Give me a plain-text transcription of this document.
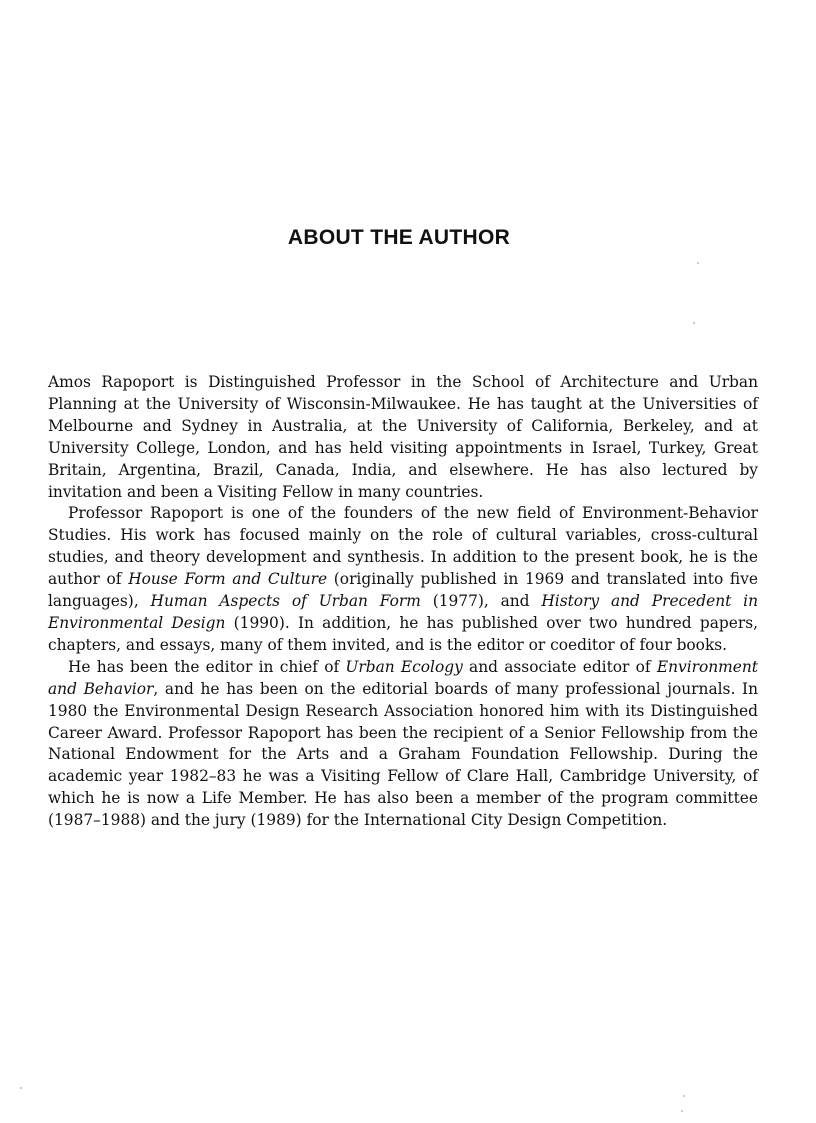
ABOUT THE AUTHOR

Amos Rapoport is Distinguished Professor in the School of Architecture and Urban Planning at the University of Wisconsin-Milwaukee. He has taught at the Universities of Melbourne and Sydney in Australia, at the University of California, Berkeley, and at University College, London, and has held visiting appointments in Israel, Turkey, Great Britain, Argentina, Brazil, Canada, India, and elsewhere. He has also lectured by invitation and been a Visiting Fellow in many countries.

Professor Rapoport is one of the founders of the new field of Environment-Behavior Studies. His work has focused mainly on the role of cultural variables, cross-cultural studies, and theory development and synthesis. In addition to the present book, he is the author of House Form and Culture (originally published in 1969 and translated into five languages), Human Aspects of Urban Form (1977), and History and Precedent in Environmental Design (1990). In addition, he has published over two hundred papers, chapters, and essays, many of them invited, and is the editor or coeditor of four books.

He has been the editor in chief of Urban Ecology and associate editor of Environment and Behavior, and he has been on the editorial boards of many professional journals. In 1980 the Environmental Design Research Association honored him with its Distinguished Career Award. Professor Rapoport has been the recipient of a Senior Fellowship from the National Endowment for the Arts and a Graham Foundation Fellowship. During the academic year 1982–83 he was a Visiting Fellow of Clare Hall, Cambridge University, of which he is now a Life Member. He has also been a member of the program committee (1987–1988) and the jury (1989) for the International City Design Competition.
